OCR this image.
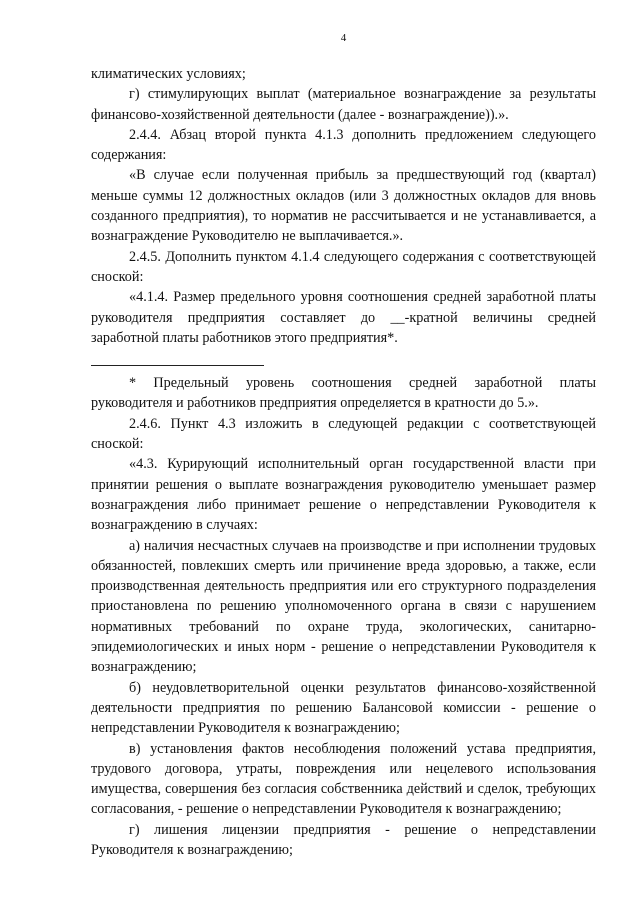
4

климатических условиях;

г) стимулирующих выплат (материальное вознаграждение за результаты финансово-хозяйственной деятельности (далее - вознаграждение)).».

2.4.4. Абзац второй пункта 4.1.3 дополнить предложением следующего содержания:

«В случае если полученная прибыль за предшествующий год (квартал) меньше суммы 12 должностных окладов (или 3 должностных окладов для вновь созданного предприятия), то норматив не рассчитывается и не устанавливается, а вознаграждение Руководителю не выплачивается.».

2.4.5. Дополнить пунктом 4.1.4 следующего содержания с соответствующей сноской:

«4.1.4. Размер предельного уровня соотношения средней заработной платы руководителя предприятия составляет до __-кратной величины средней заработной платы работников этого предприятия*.

* Предельный уровень соотношения средней заработной платы руководителя и работников предприятия определяется в кратности до 5.».

2.4.6. Пункт 4.3 изложить в следующей редакции с соответствующей сноской:

«4.3. Курирующий исполнительный орган государственной власти при принятии решения о выплате вознаграждения руководителю уменьшает размер вознаграждения либо принимает решение о непредставлении Руководителя к вознаграждению в случаях:

а) наличия несчастных случаев на производстве и при исполнении трудовых обязанностей, повлекших смерть или причинение вреда здоровью, а также, если производственная деятельность предприятия или его структурного подразделения приостановлена по решению уполномоченного органа в связи с нарушением нормативных требований по охране труда, экологических, санитарно-эпидемиологических и иных норм - решение о непредставлении Руководителя к вознаграждению;

б) неудовлетворительной оценки результатов финансово-хозяйственной деятельности предприятия по решению Балансовой комиссии - решение о непредставлении Руководителя к вознаграждению;

в) установления фактов несоблюдения положений устава предприятия, трудового договора, утраты, повреждения или нецелевого использования имущества, совершения без согласия собственника действий и сделок, требующих согласования, - решение о непредставлении Руководителя к вознаграждению;

г) лишения лицензии предприятия - решение о непредставлении Руководителя к вознаграждению;
